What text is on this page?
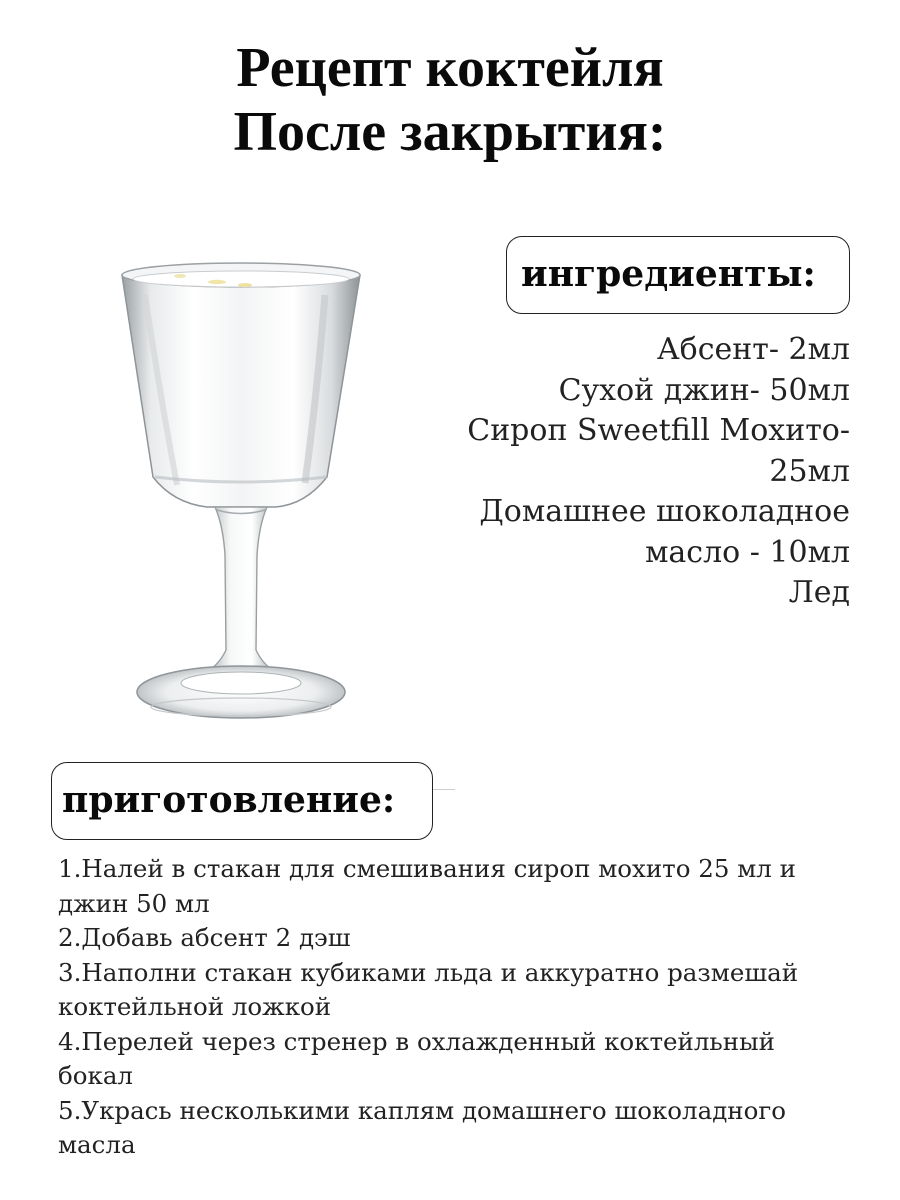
Рецепт коктейля
После закрытия:
ингредиенты:
Абсент- 2мл
Сухой джин- 50мл
Сироп Sweetfill Мохито-
25мл
Домашнее шоколадное
масло - 10мл
Лед
приготовление:
1.Налей в стакан для смешивания сироп мохито 25 мл и
джин 50 мл
2.Добавь абсент 2 дэш
3.Наполни стакан кубиками льда и аккуратно размешай
коктейльной ложкой
4.Перелей через стренер в охлажденный коктейльный
бокал
5.Укрась несколькими каплям домашнего шоколадного
масла
